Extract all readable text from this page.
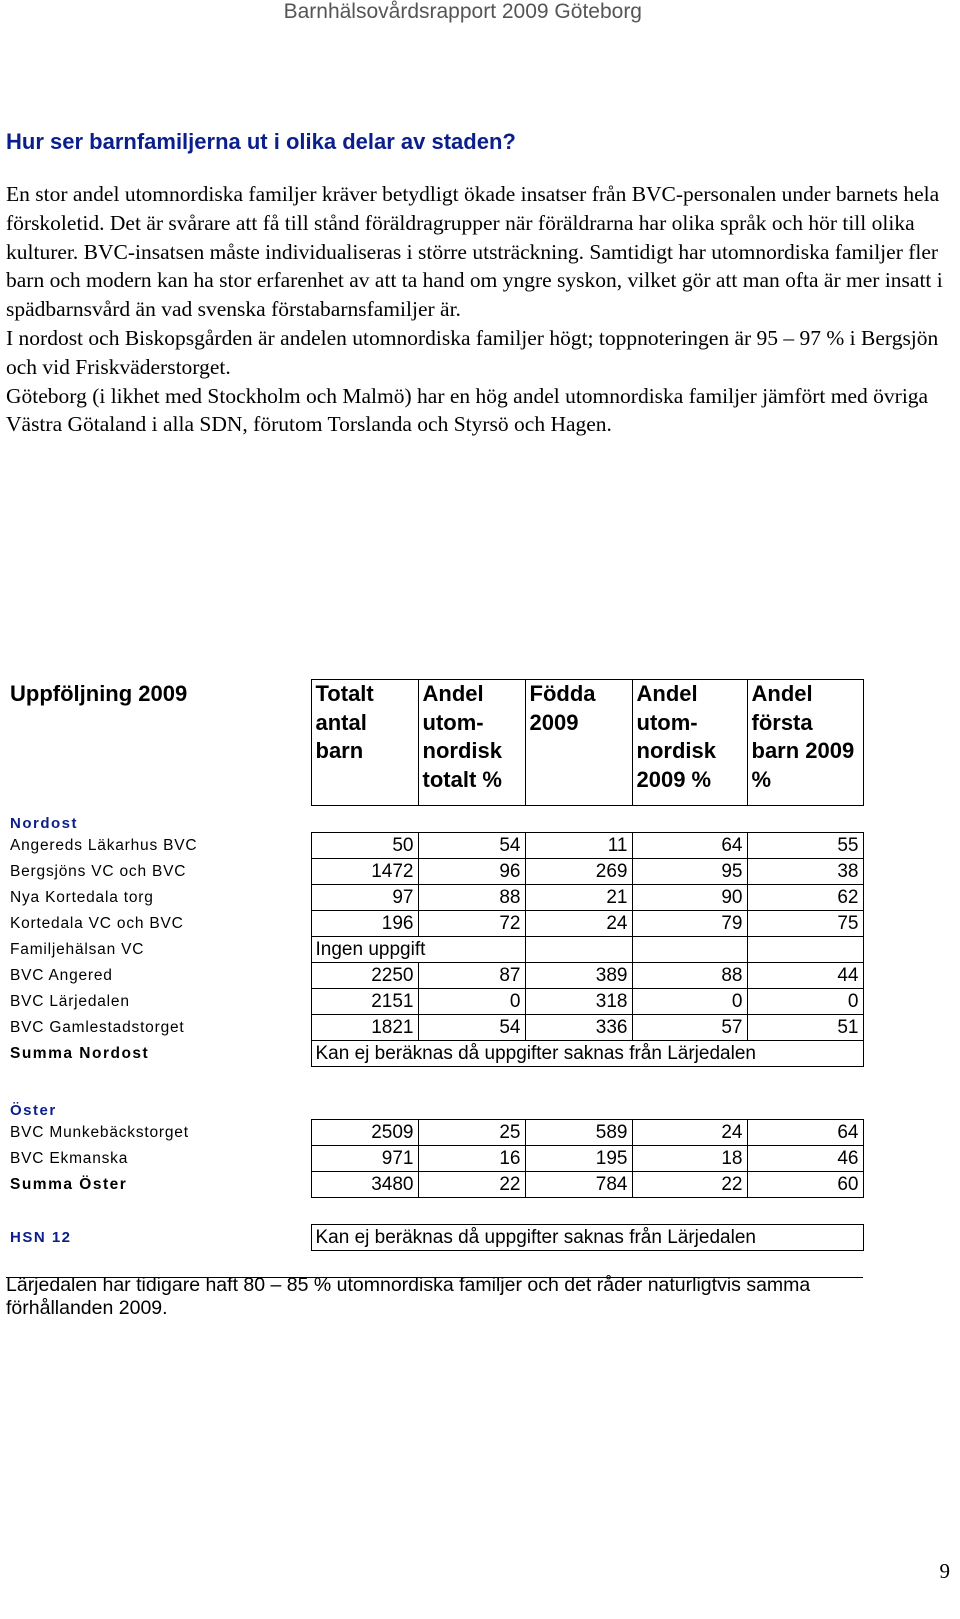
Barnhälsovårdsrapport 2009 Göteborg
Hur ser barnfamiljerna ut i olika delar av staden?

En stor andel utomnordiska familjer kräver betydligt ökade insatser från BVC-personalen under barnets hela förskoletid. Det är svårare att få till stånd föräldragrupper när föräldrarna har olika språk och hör till olika kulturer. BVC-insatsen måste individualiseras i större utsträckning. Samtidigt har utomnordiska familjer fler barn och modern kan ha stor erfarenhet av att ta hand om yngre syskon, vilket gör att man ofta är mer insatt i spädbarnsvård än vad svenska förstabarnsfamiljer är.

I nordost och Biskopsgården är andelen utomnordiska familjer högt; toppnoteringen är 95 – 97 % i Bergsjön och vid Friskväderstorget.

Göteborg (i likhet med Stockholm och Malmö) har en hög andel utomnordiska familjer jämfört med övriga Västra Götaland i alla SDN, förutom Torslanda och Styrsö och Hagen.

Uppföljning 2009	Totalt antal barn	Andel utom-nordisk totalt %	Födda 2009	Andel utom-nordisk 2009 %	Andel första barn 2009 %
Nordost					
Angereds Läkarhus BVC	50	54	11	64	55
Bergsjöns VC och BVC	1472	96	269	95	38
Nya Kortedala torg	97	88	21	90	62
Kortedala VC och BVC	196	72	24	79	75
Familjehälsan VC	Ingen uppgift				
BVC Angered	2250	87	389	88	44
BVC Lärjedalen	2151	0	318	0	0
BVC Gamlestadstorget	1821	54	336	57	51
Summa Nordost	Kan ej beräknas då uppgifter saknas från Lärjedalen				

Öster					
BVC Munkebäckstorget	2509	25	589	24	64
BVC Ekmanska	971	16	195	18	46
Summa Öster	3480	22	784	22	60

HSN 12	Kan ej beräknas då uppgifter saknas från Lärjedalen				

Lärjedalen har tidigare haft 80 – 85 % utomnordiska familjer och det råder naturligtvis samma förhållanden 2009.
9
